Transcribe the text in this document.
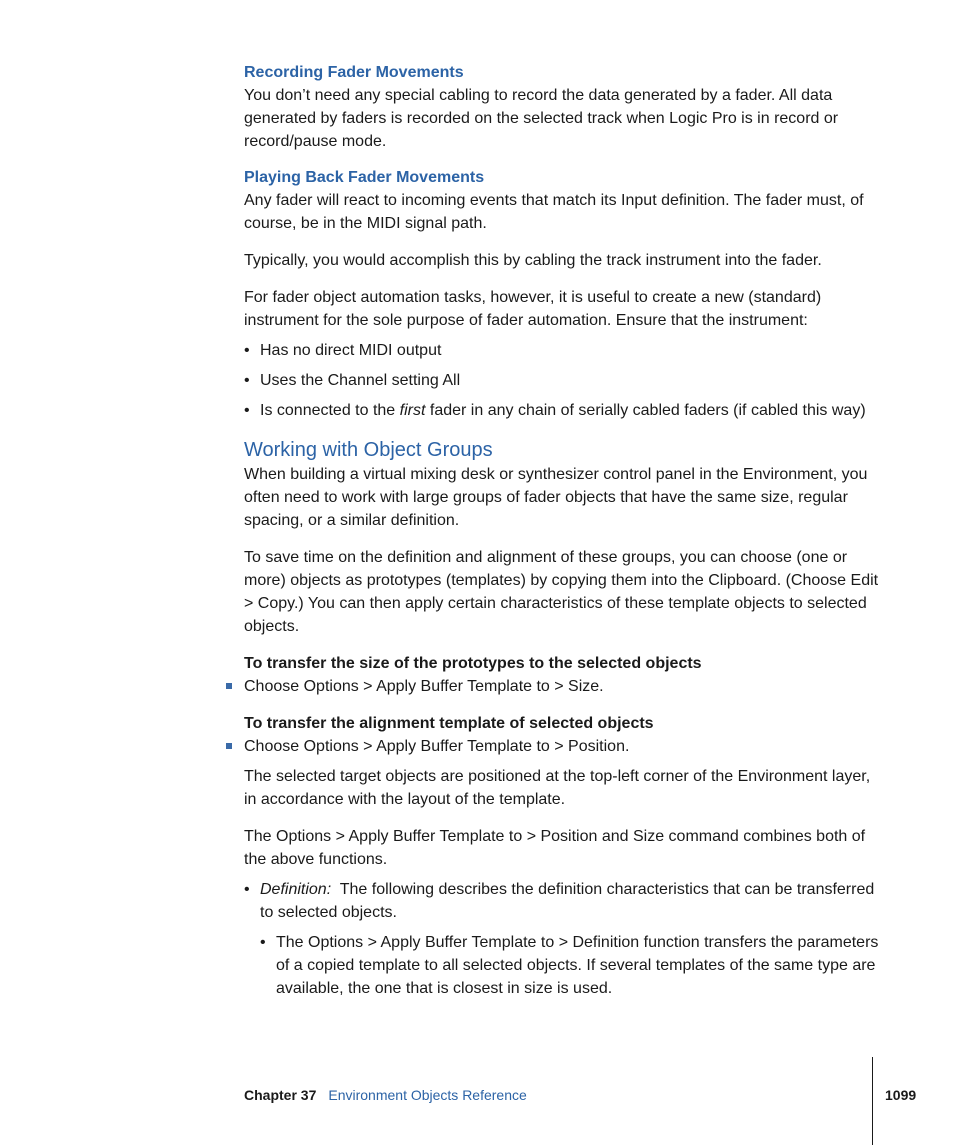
Recording Fader Movements

You don’t need any special cabling to record the data generated by a fader. All data generated by faders is recorded on the selected track when Logic Pro is in record or record/pause mode.

Playing Back Fader Movements

Any fader will react to incoming events that match its Input definition. The fader must, of course, be in the MIDI signal path.

Typically, you would accomplish this by cabling the track instrument into the fader.

For fader object automation tasks, however, it is useful to create a new (standard) instrument for the sole purpose of fader automation. Ensure that the instrument:

• Has no direct MIDI output
• Uses the Channel setting All
• Is connected to the first fader in any chain of serially cabled faders (if cabled this way)
Working with Object Groups

When building a virtual mixing desk or synthesizer control panel in the Environment, you often need to work with large groups of fader objects that have the same size, regular spacing, or a similar definition.

To save time on the definition and alignment of these groups, you can choose (one or more) objects as prototypes (templates) by copying them into the Clipboard. (Choose Edit > Copy.) You can then apply certain characteristics of these template objects to selected objects.

To transfer the size of the prototypes to the selected objects

Choose Options > Apply Buffer Template to > Size.

To transfer the alignment template of selected objects

Choose Options > Apply Buffer Template to > Position.

The selected target objects are positioned at the top-left corner of the Environment layer, in accordance with the layout of the template.

The Options > Apply Buffer Template to > Position and Size command combines both of the above functions.

• Definition:  The following describes the definition characteristics that can be transferred to selected objects.
• The Options > Apply Buffer Template to > Definition function transfers the parameters of a copied template to all selected objects. If several templates of the same type are available, the one that is closest in size is used.
Chapter 37 Environment Objects Reference	1099
